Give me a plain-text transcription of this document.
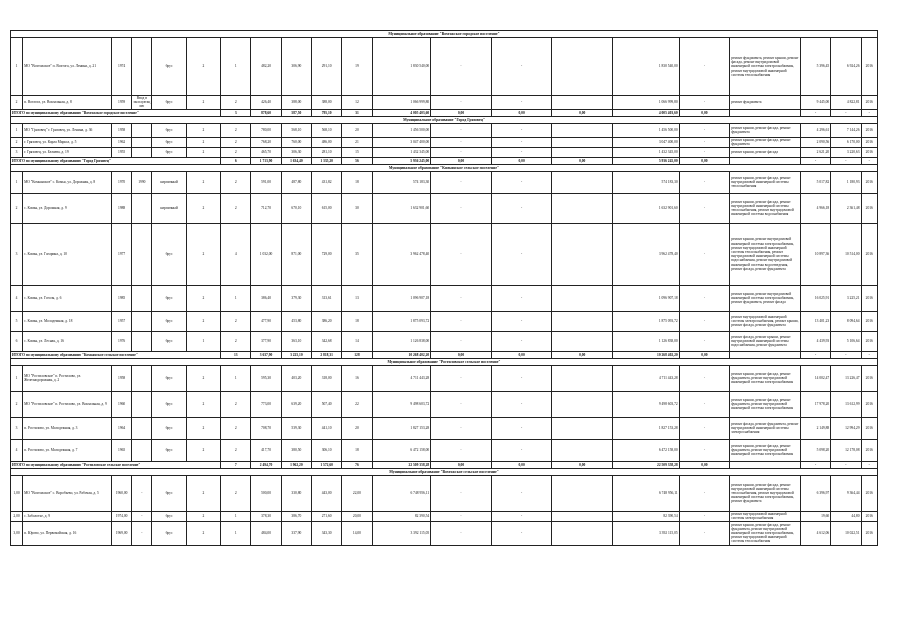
Муниципальное образование "Вохтожское городское поселение"																				
1	МО "Вохтожское" п. Вохтога, ул. Ленина, д. 21	1974		брус	2	1	482,20	306,90	291,10	19	1 830 540,00	-	-		1 830 540,00	-	ремонт фундамента, ремонт крыши, ремонт фасада, ремонт внутридомовой инженерной системы электроснабжения, ремонт внутридомовой инженерной системы теплоснабжения	5 396,45	6 924,26	2016
2	п. Вохтога, ул. Вокзальная, д. 8	1959	Ввод в эксплуатацию	брус	2	2	426,40	388,00	388,00	12	1 066 999,80	-	-		1 066 999,80	-	ремонт фундамента	9 445,00	4 822,81	2016
ИТОГО по муниципальному образованию "Вохтожское городское поселение"						3	878,60	587,50	795,10	31	4 005 403,60	0,00	0,00	0,00	4 005 403,60	0,00		-	-	-
Муниципальное образование "Город Грязовец"																				
1	МО "Грязовец" г. Грязовец, ул. Ленина, д. 36	1958		брус	2	2	780,00	568,10	568,10	20	1 456 500,00	-	-		1 456 500,00	-	ремонт крыши, ремонт фасада, ремонт фундамента	4 296,61	7 144,26	2016
2	г. Грязовец, ул. Карла Маркса, д. 5	1962		брус	2	2	768,20	760,00	486,00	21	3 047 400,00	-	-		3 047 400,00	-	ремонт крыши, ремонт фасада, ремонт фундамента	2 090,56	6 170,00	2016
3	г. Грязовец, ул. Беляева, д. 19	1955		брус	2	2	465,70	306,30	281,10	15	1 432 345,00	-	-		1 432 345,00	-	ремонт крыши, ремонт фасада	2 621,20	3 220,63	2016
ИТОГО по муниципальному образованию "Город Грязовец"						6	1 713,90	1 634,40	1 335,20	56	5 936 245,00	0,00	0,00	0,00	5 936 245,00	0,00		-	-	-
Муниципальное образование "Комьянское сельское поселение"																				
1	МО "Комьянское" с. Комья, ул. Дорожная, д. 8	1970	1990	кирпичный	2	2	591,00	487,80	431,82	18	574 183,30	-	-		574 183,30	-	ремонт крыши, ремонт фасада, ремонт внутридомовой инженерной системы теплоснабжения	5 017,82	1 180,93	2016
2	с. Комья, ул. Дорожная, д. 9	1988		кирпичный	2	2	712,70	670,10	615,00	30	1 632 901,60	-	-		1 632 901,60	-	ремонт крыши, ремонт фасада, ремонт внутридомовой инженерной системы теплоснабжения, ремонт внутридомовой инженерной системы водоснабжения	4 966,18	2 361,48	2016
3	с. Комья, ул. Гагарина, д. 10	1977		брус	2	4	1 032,00	871,00	729,00	35	3 962 478,40	-	-		3 962 478,40	-	ремонт крыши, ремонт внутридомовой инженерной системы электроснабжения, ремонт внутридомовой инженерной системы теплоснабжения, ремонт внутридомовой инженерной системы водоснабжения, ремонт внутридомовой инженерной системы водоотведения, ремонт фасада, ремонт фундамента	10 897,36	10 514,00	2016
4	с. Комья, ул. Гоголя, д. 6	1985		брус	2	1	386,40	379,30	313,61	13	1 096 907,18	-	-		1 096 907,18	-	ремонт крыши, ремонт внутридомовой инженерной системы электроснабжения, ремонт фундамента, ремонт фасада	16 025,91	3 225,21	2016
5	с. Комья, ул. Молодежная, д. 18	1957		брус	2	2	477,90	453,80	386,20	18	1 875 093,72	-	-		1 875 093,72	-	ремонт внутридомовой инженерной системы электроснабжения, ремонт крыши, ремонт фасада, ремонт фундамента	13 401,23	8 094,64	2016
6	с. Комья, ул. Лесная, д. 16	1976		брус	1	2	377,90	363,10	342,68	14	1 126 838,00	-	-		1 126 838,00	-	ремонт фасада, ремонт крыши, ремонт внутридомовой инженерной системы водоснабжения, ремонт фундамента	4 439,93	5 106,64	2016
ИТОГО по муниципальному образованию "Комьянское сельское поселение"						13	3 637,90	3 225,10	2 818,31	128	10 268 402,20	0,00	0,00	0,00	10 268 402,20	0,00		-	-	-
Муниципальное образование "Ростиловское сельское поселение"																				
1	МО "Ростиловское" п. Ростилово, ул. Железнодорожная, д. 2	1958		брус	2	1	595,30	403,20	318,00	16	4 711 443,28	-	-		4 711 443,28	-	ремонт крыши, ремонт фасада, ремонт фундамента, ремонт внутридомовой инженерной системы электроснабжения	14 002,47	13 226,47	2016
2	МО "Ростиловское" п. Ростилово, ул. Вокзальная, д. 9	1960		брус	2	2	773,00	639,20	507,40	22	9 498 603,72	-	-		9 498 603,72	-	ремонт крыши, ремонт фасада, ремонт фундамента, ремонт внутридомовой инженерной системы электроснабжения	17 978,20	13 612,99	2016
3	п. Ростилово, ул. Молодежная, д. 3	1964		брус	2	2	708,70	539,30	441,10	20	1 827 153,28	-	-		1 827 153,28	-	ремонт фасада, ремонт фундамента, ремонт внутридомовой инженерной системы электроснабжения	2 149,88	12 994,29	2016
4	п. Ростилово, ул. Молодежная, д. 7	1965		брус	2	2	417,70	380,50	306,10	18	6 472 158,00	-	-		6 472 158,00	-	ремонт крыши, ремонт фасада, ремонт фундамента, ремонт внутридомовой инженерной системы электроснабжения	5 098,20	12 178,08	2016
ИТОГО по муниципальному образованию "Ростиловское сельское поселение"						7	2 494,70	1 962,20	1 572,60	76	22 509 358,28	0,00	0,00	0,00	22 509 358,28	0,00		-	-	-
Муниципальное образование "Вохтожское сельское поселение"																				
1,00	МО "Вохтожское" с. Воробьево, ул. Рабочая, д. 5	1960,00	-	брус	2	2	500,00	330,80	443,00	22,00	6 748 956,11	-	-		6 748 956,11	-	ремонт крыши, ремонт фасада, ремонт внутридомовой инженерной системы теплоснабжения, ремонт внутридомовой инженерной системы электроснабжения, ремонт фундамента	6 396,97	9 364,44	2016
2,00	с. Заболотье, д. 9	1974,00	-	брус	2	1	378,30	386,70	271,60	20,00	82 390,54	-	-		82 390,54	-	ремонт внутридомовой инженерной системы электроснабжения	19,60	44,80	2016
3,00	п. Юрово, ул. Первомайская, д. 16	1969,00	-	брус	2	1	484,00	337,90	343,30	14,00	3 392 115,05	-	-		3 392 115,05	-	ремонт крыши, ремонт фасада, ремонт фундамента, ремонт внутридомовой инженерной системы электроснабжения, ремонт внутридомовой инженерной системы теплоснабжения	4 612,06	10 022,51	2016
